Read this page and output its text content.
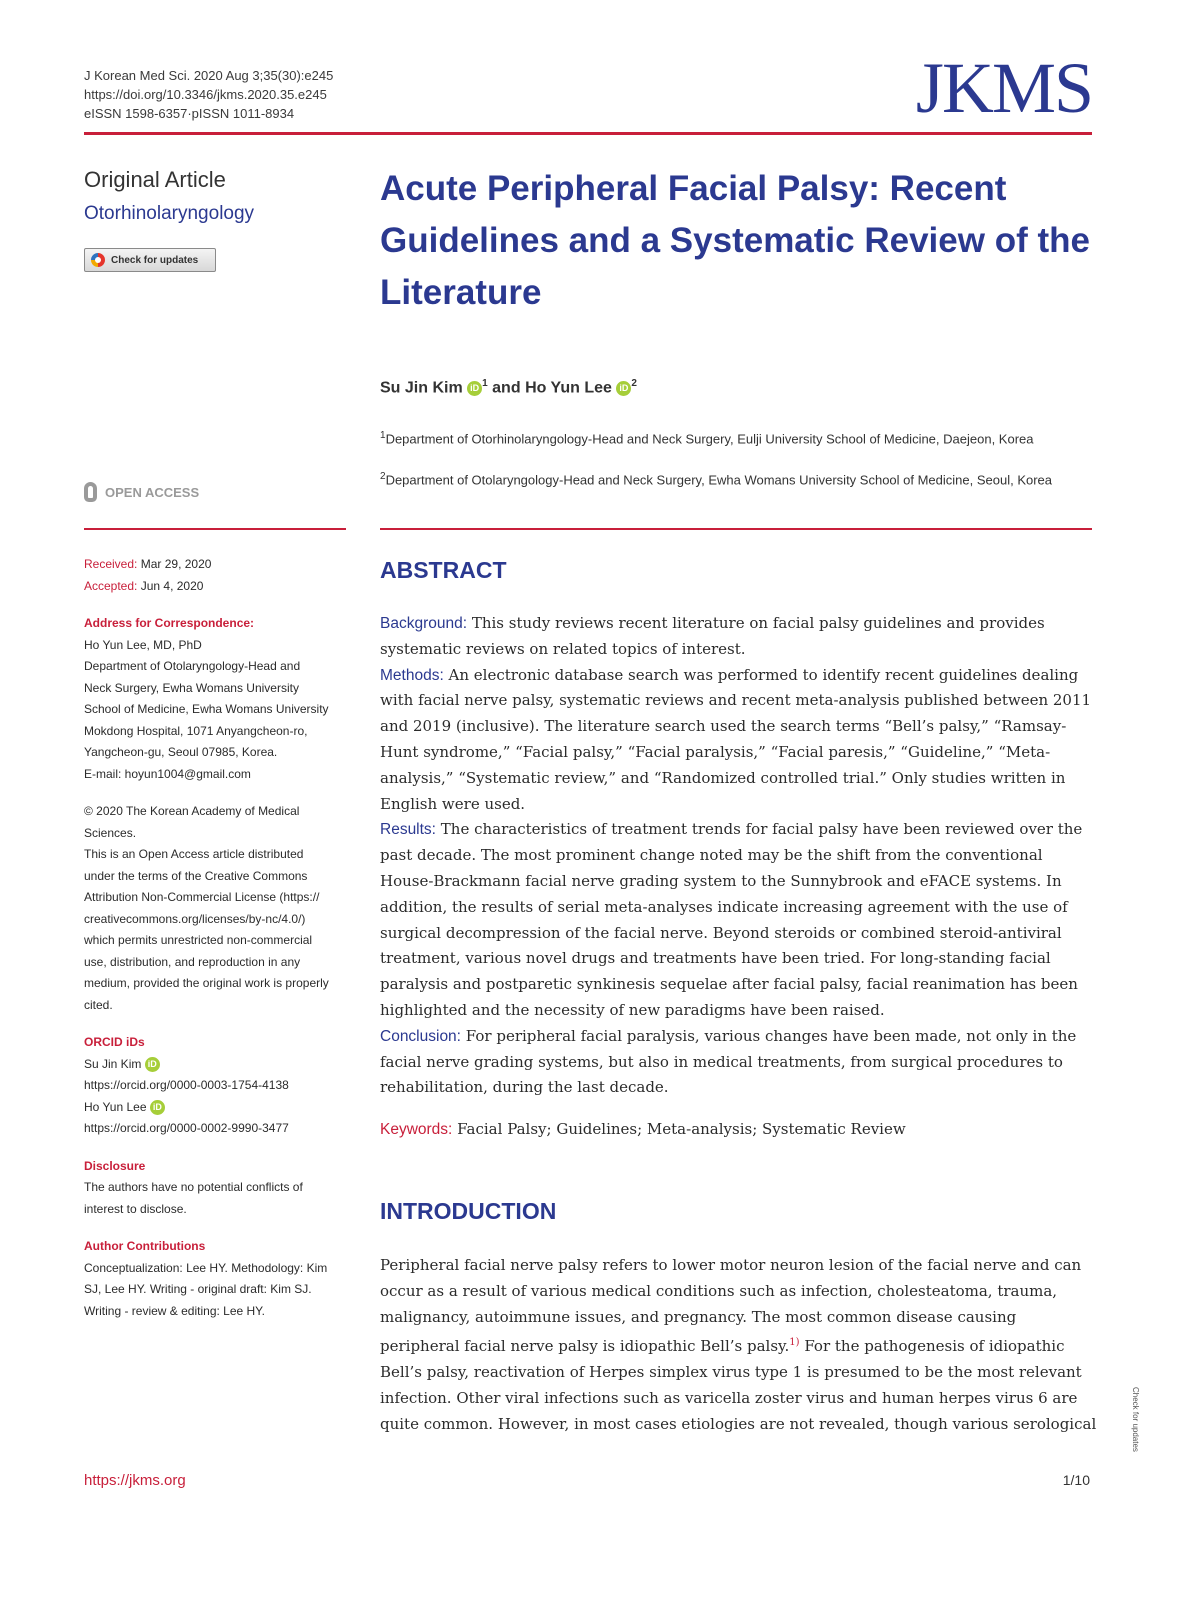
J Korean Med Sci. 2020 Aug 3;35(30):e245
https://doi.org/10.3346/jkms.2020.35.e245
eISSN 1598-6357·pISSN 1011-8934	JKMS
Original Article
Otorhinolaryngology
Check for updates
Acute Peripheral Facial Palsy: Recent Guidelines and a Systematic Review of the Literature
Su Jin Kim iD $^1$ and Ho Yun Lee iD $^2$
$^1$Department of Otorhinolaryngology-Head and Neck Surgery, Eulji University School of Medicine, Daejeon, Korea
$^2$Department of Otolaryngology-Head and Neck Surgery, Ewha Womans University School of Medicine, Seoul, Korea
OPEN ACCESS
Received: Mar 29, 2020
Accepted: Jun 4, 2020
Address for Correspondence:
Ho Yun Lee, MD, PhD
Department of Otolaryngology-Head and
Neck Surgery, Ewha Womans University
School of Medicine, Ewha Womans University
Mokdong Hospital, 1071 Anyangcheon-ro,
Yangcheon-gu, Seoul 07985, Korea.
E-mail: hoyun1004@gmail.com
© 2020 The Korean Academy of Medical
Sciences.
This is an Open Access article distributed
under the terms of the Creative Commons
Attribution Non-Commercial License (https://
creativecommons.org/licenses/by-nc/4.0/)
which permits unrestricted non-commercial
use, distribution, and reproduction in any
medium, provided the original work is properly
cited.
ORCID iDs
Su Jin Kim iD
https://orcid.org/0000-0003-1754-4138
Ho Yun Lee iD
https://orcid.org/0000-0002-9990-3477
Disclosure
The authors have no potential conflicts of
interest to disclose.
Author Contributions
Conceptualization: Lee HY. Methodology: Kim
SJ, Lee HY. Writing - original draft: Kim SJ.
Writing - review & editing: Lee HY.
ABSTRACT
Background: This study reviews recent literature on facial palsy guidelines and provides systematic reviews on related topics of interest.
Methods: An electronic database search was performed to identify recent guidelines dealing with facial nerve palsy, systematic reviews and recent meta-analysis published between 2011 and 2019 (inclusive). The literature search used the search terms “Bell’s palsy,” “Ramsay-Hunt syndrome,” “Facial palsy,” “Facial paralysis,” “Facial paresis,” “Guideline,” “Meta-analysis,” “Systematic review,” and “Randomized controlled trial.” Only studies written in English were used.
Results: The characteristics of treatment trends for facial palsy have been reviewed over the past decade. The most prominent change noted may be the shift from the conventional House-Brackmann facial nerve grading system to the Sunnybrook and eFACE systems. In addition, the results of serial meta-analyses indicate increasing agreement with the use of surgical decompression of the facial nerve. Beyond steroids or combined steroid-antiviral treatment, various novel drugs and treatments have been tried. For long-standing facial paralysis and postparetic synkinesis sequelae after facial palsy, facial reanimation has been highlighted and the necessity of new paradigms have been raised.
Conclusion: For peripheral facial paralysis, various changes have been made, not only in the facial nerve grading systems, but also in medical treatments, from surgical procedures to rehabilitation, during the last decade.
Keywords: Facial Palsy; Guidelines; Meta-analysis; Systematic Review
INTRODUCTION
Peripheral facial nerve palsy refers to lower motor neuron lesion of the facial nerve and can occur as a result of various medical conditions such as infection, cholesteatoma, trauma, malignancy, autoimmune issues, and pregnancy. The most common disease causing peripheral facial nerve palsy is idiopathic Bell’s palsy.$^{1)}$ For the pathogenesis of idiopathic Bell’s palsy, reactivation of Herpes simplex virus type 1 is presumed to be the most relevant infection. Other viral infections such as varicella zoster virus and human herpes virus 6 are quite common. However, in most cases etiologies are not revealed, though various serological	Check for updates
https://jkms.org	1/10
